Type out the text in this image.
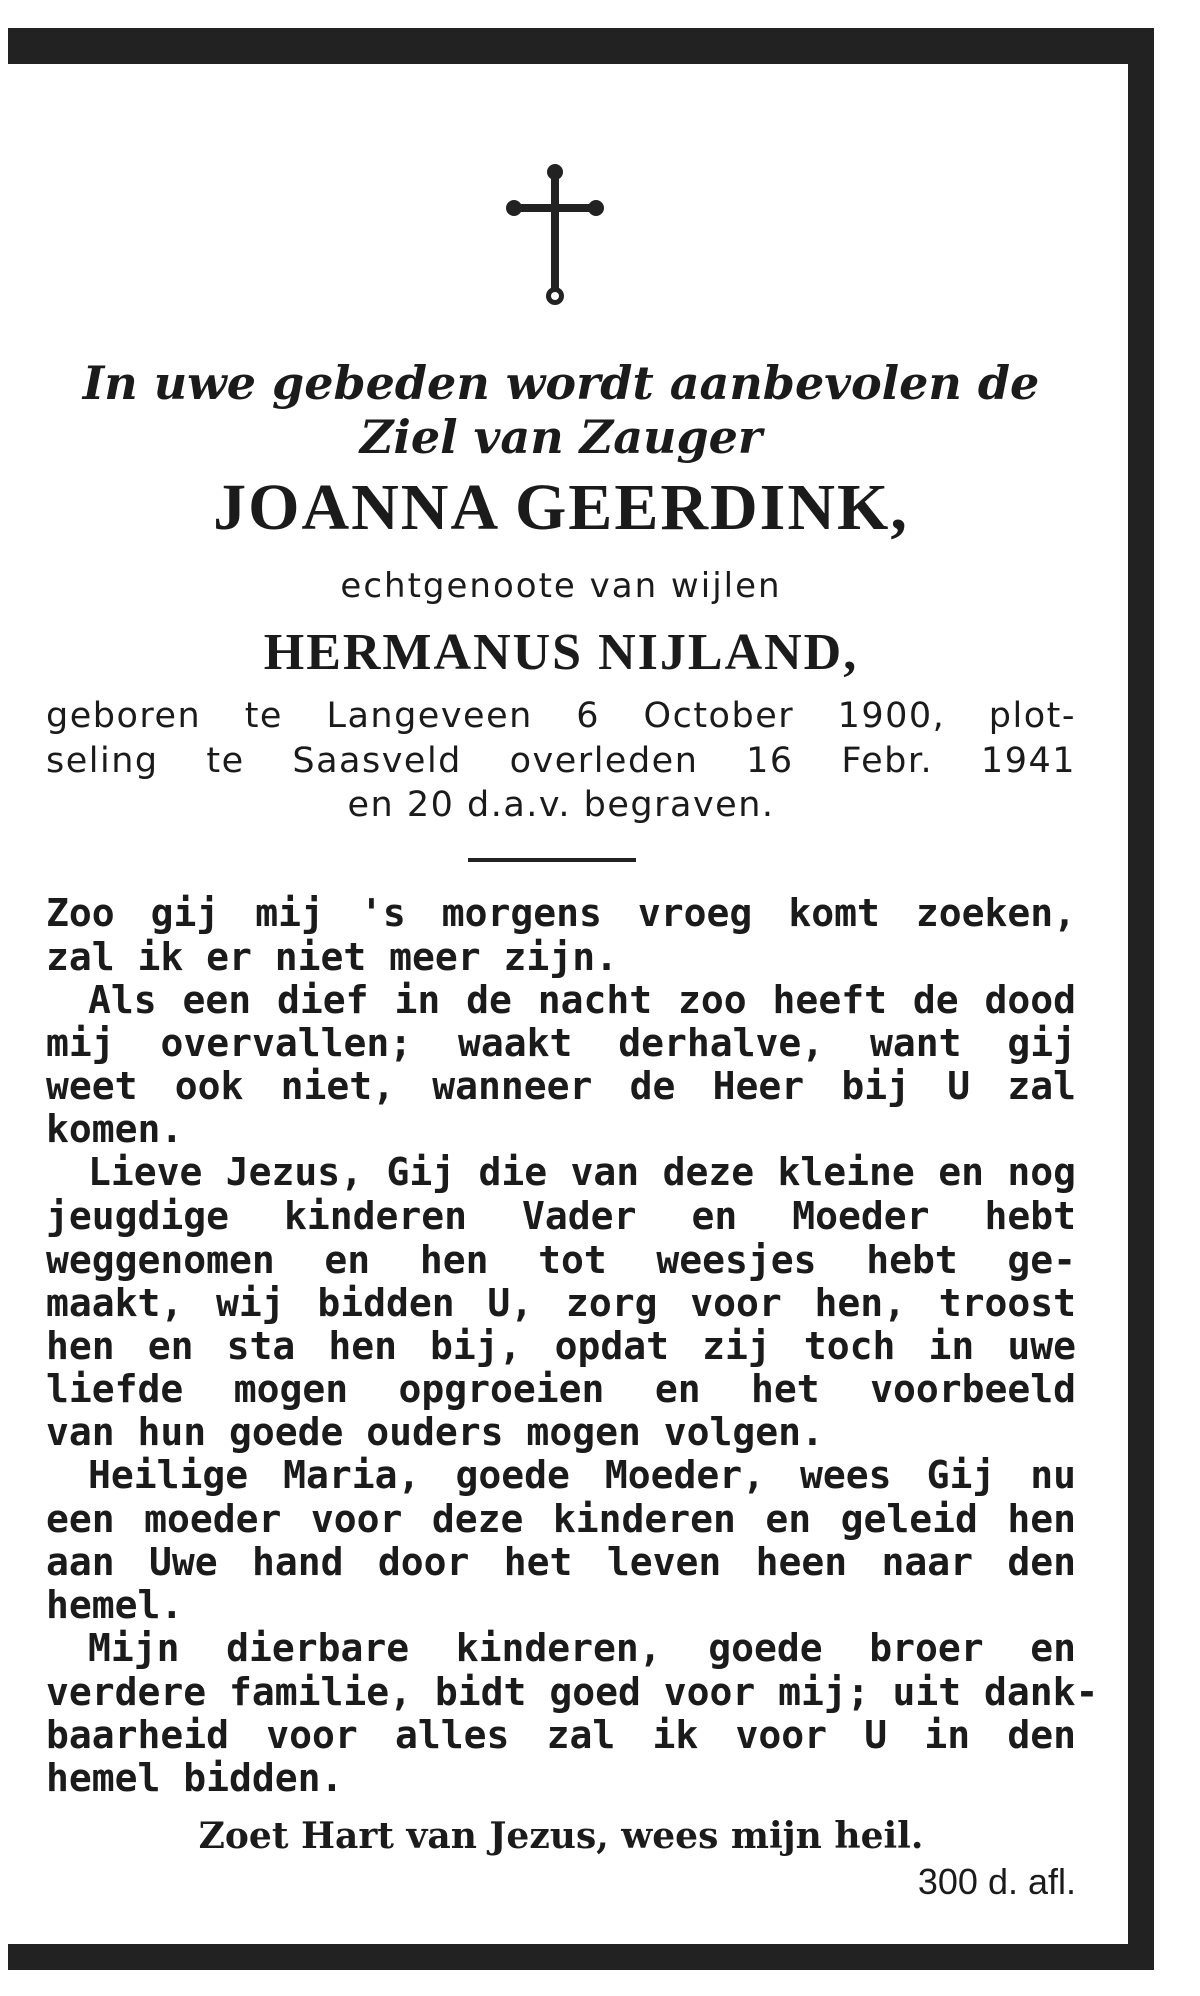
In uwe gebeden wordt aanbevolen de
Ziel van Zauger
JOANNA GEERDINK,
echtgenoote van wijlen
HERMANUS NIJLAND,
geboren te Langeveen 6 October 1900, plot-
seling te Saasveld overleden 16 Febr. 1941
en 20 d.a.v. begraven.
Zoo gij mij 's morgens vroeg komt zoeken,
zal ik er niet meer zijn.
Als een dief in de nacht zoo heeft de dood
mij overvallen; waakt derhalve, want gij
weet ook niet, wanneer de Heer bij U zal
komen.
Lieve Jezus, Gij die van deze kleine en nog
jeugdige kinderen Vader en Moeder hebt
weggenomen en hen tot weesjes hebt ge-
maakt, wij bidden U, zorg voor hen, troost
hen en sta hen bij, opdat zij toch in uwe
liefde mogen opgroeien en het voorbeeld
van hun goede ouders mogen volgen.
Heilige Maria, goede Moeder, wees Gij nu
een moeder voor deze kinderen en geleid hen
aan Uwe hand door het leven heen naar den
hemel.
Mijn dierbare kinderen, goede broer en
verdere familie, bidt goed voor mij; uit dank-
baarheid voor alles zal ik voor U in den
hemel bidden.
Zoet Hart van Jezus, wees mijn heil.
300 d. afl.
